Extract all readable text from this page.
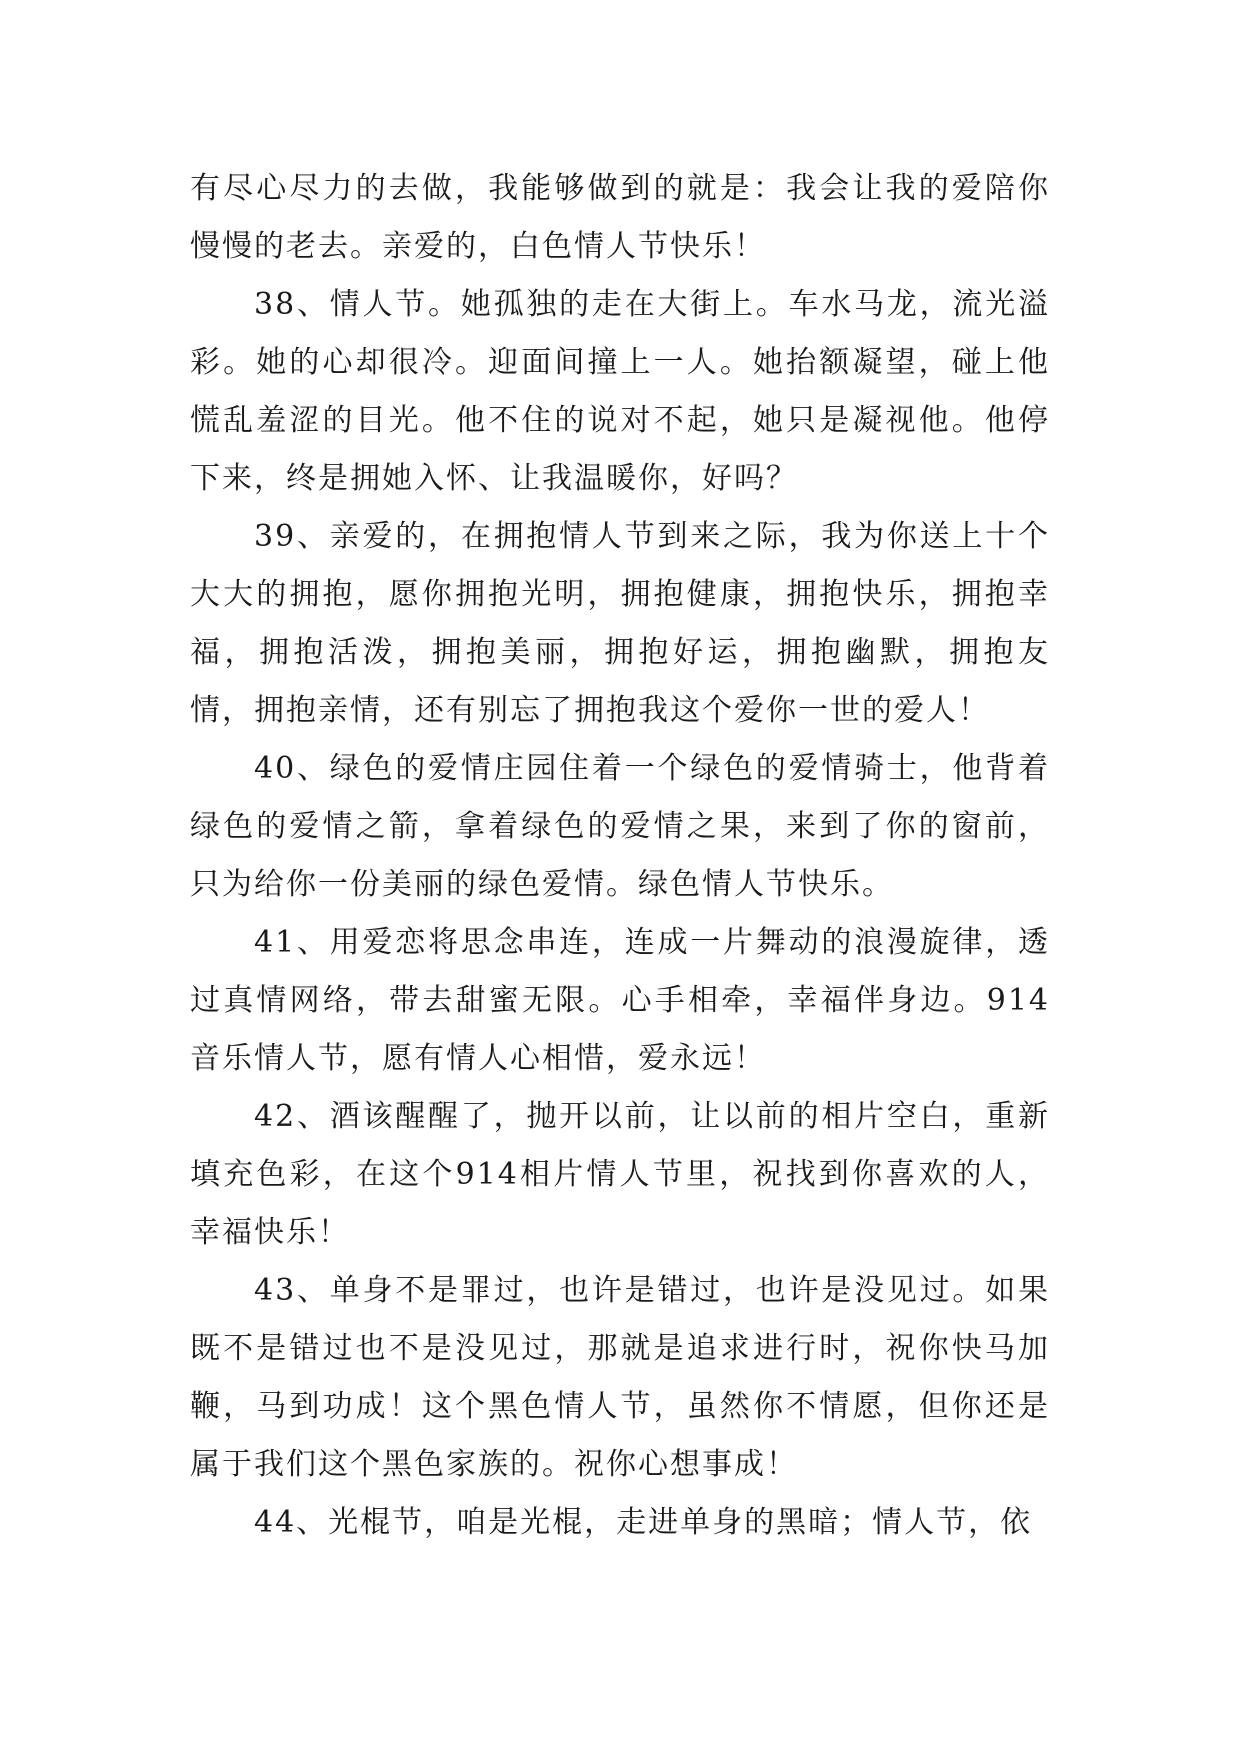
有尽心尽力的去做，我能够做到的就是：我会让我的爱陪你慢慢的老去。亲爱的，白色情人节快乐！

38、情人节。她孤独的走在大街上。车水马龙，流光溢彩。她的心却很冷。迎面间撞上一人。她抬额凝望，碰上他慌乱羞涩的目光。他不住的说对不起，她只是凝视他。他停下来，终是拥她入怀、让我温暖你，好吗？

39、亲爱的，在拥抱情人节到来之际，我为你送上十个大大的拥抱，愿你拥抱光明，拥抱健康，拥抱快乐，拥抱幸福，拥抱活泼，拥抱美丽，拥抱好运，拥抱幽默，拥抱友情，拥抱亲情，还有别忘了拥抱我这个爱你一世的爱人！

40、绿色的爱情庄园住着一个绿色的爱情骑士，他背着绿色的爱情之箭，拿着绿色的爱情之果，来到了你的窗前，只为给你一份美丽的绿色爱情。绿色情人节快乐。

41、用爱恋将思念串连，连成一片舞动的浪漫旋律，透过真情网络，带去甜蜜无限。心手相牵，幸福伴身边。914音乐情人节，愿有情人心相惜，爱永远！

42、酒该醒醒了，抛开以前，让以前的相片空白，重新填充色彩，在这个914相片情人节里，祝找到你喜欢的人，幸福快乐！

43、单身不是罪过，也许是错过，也许是没见过。如果既不是错过也不是没见过，那就是追求进行时，祝你快马加鞭，马到功成！这个黑色情人节，虽然你不情愿，但你还是属于我们这个黑色家族的。祝你心想事成！

44、光棍节，咱是光棍，走进单身的黑暗；情人节，依
